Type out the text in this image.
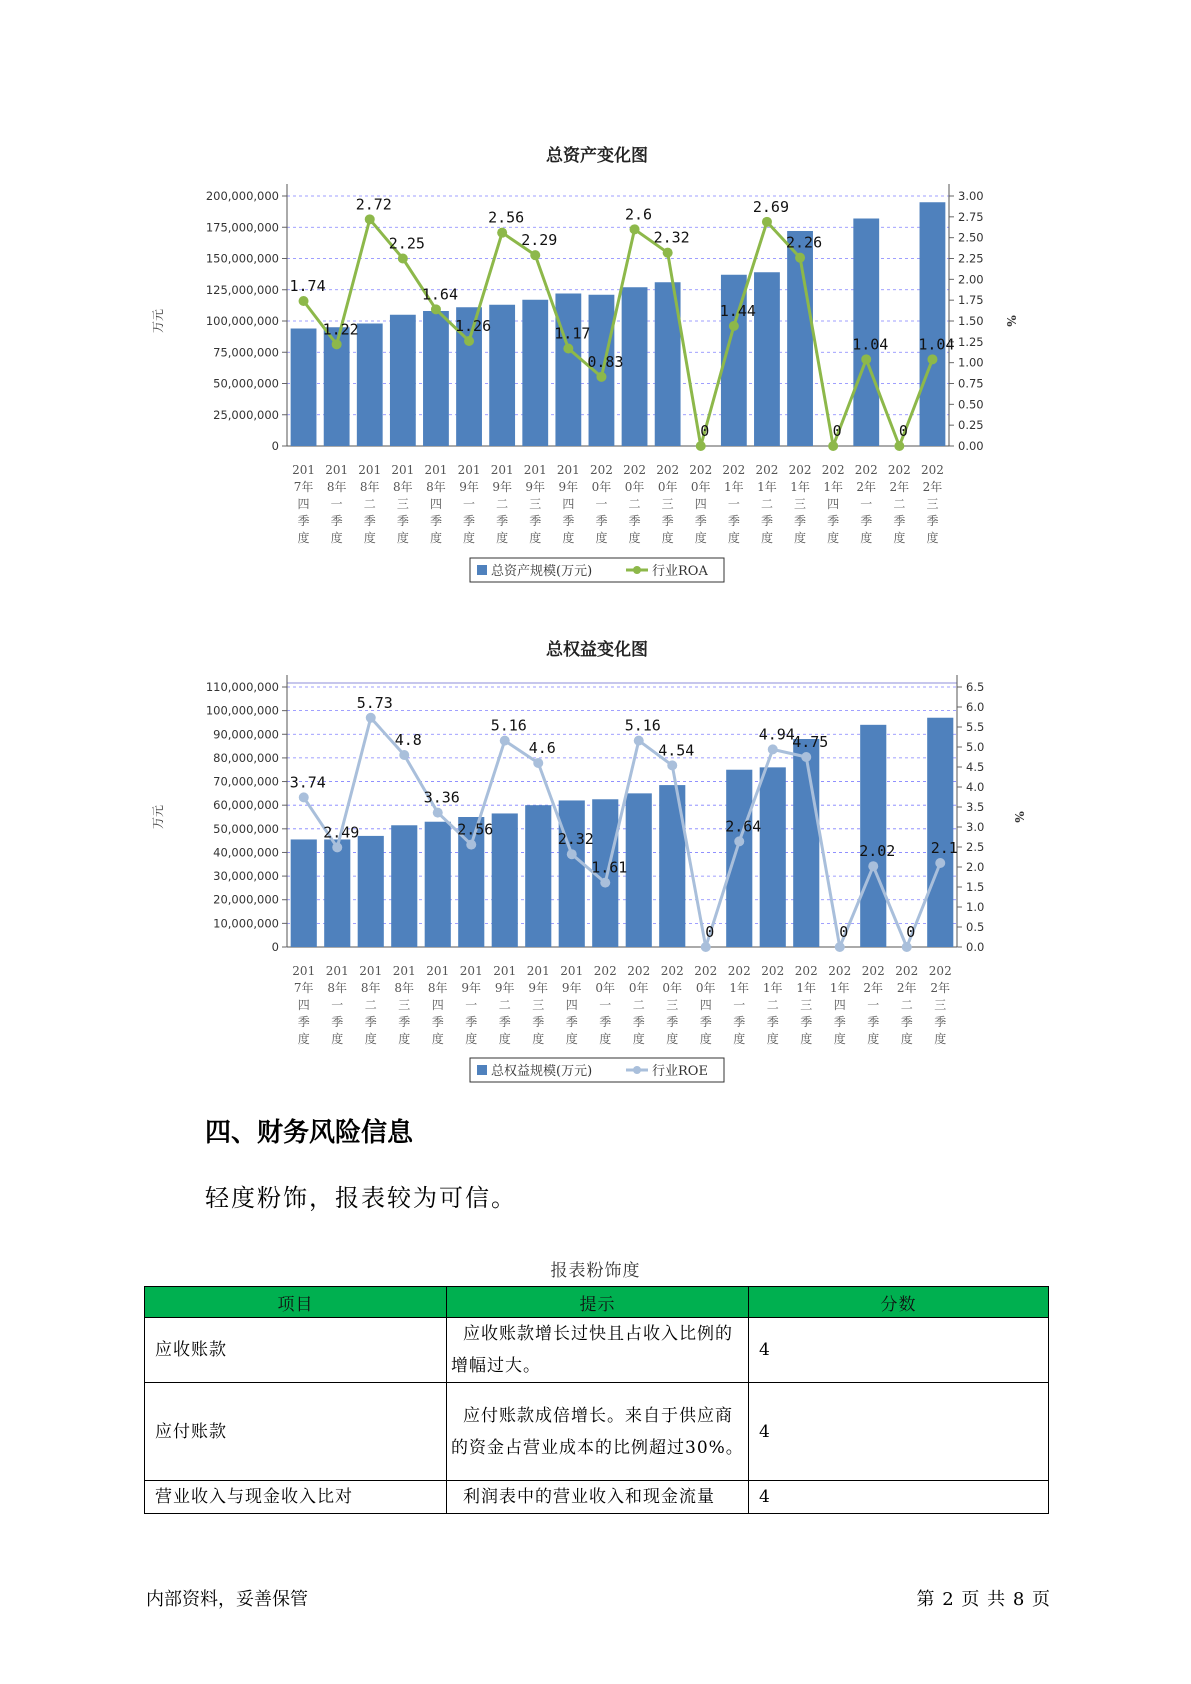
总资产变化图
0
25,000,000
50,000,000
75,000,000
100,000,000
125,000,000
150,000,000
175,000,000
200,000,000
0.00
0.25
0.50
0.75
1.00
1.25
1.50
1.75
2.00
2.25
2.50
2.75
3.00
万元	%
201
7年
四
季
度
201
8年
一
季
度
201
8年
二
季
度
201
8年
三
季
度
201
8年
四
季
度
201
9年
一
季
度
201
9年
二
季
度
201
9年
三
季
度
201
9年
四
季
度
202
0年
一
季
度
202
0年
二
季
度
202
0年
三
季
度
202
0年
四
季
度
202
1年
一
季
度
202
1年
二
季
度
202
1年
三
季
度
202
1年
四
季
度
202
2年
一
季
度
202
2年
二
季
度
202
2年
三
季
度
1.74
1.22
2.72
2.25
1.64
1.26
2.56
2.29
1.17
0.83
2.6
2.32
0
1.44
2.69
2.26
0
1.04
0
1.04
总资产规模(万元)	行业ROA
总权益变化图
0
10,000,000
20,000,000
30,000,000
40,000,000
50,000,000
60,000,000
70,000,000
80,000,000
90,000,000
100,000,000
110,000,000
0.0
0.5
1.0
1.5
2.0
2.5
3.0
3.5
4.0
4.5
5.0
5.5
6.0
6.5
万元	%
201
7年
四
季
度
201
8年
一
季
度
201
8年
二
季
度
201
8年
三
季
度
201
8年
四
季
度
201
9年
一
季
度
201
9年
二
季
度
201
9年
三
季
度
201
9年
四
季
度
202
0年
一
季
度
202
0年
二
季
度
202
0年
三
季
度
202
0年
四
季
度
202
1年
一
季
度
202
1年
二
季
度
202
1年
三
季
度
202
1年
四
季
度
202
2年
一
季
度
202
2年
二
季
度
202
2年
三
季
度
3.74
2.49
5.73
4.8
3.36
2.56
5.16
4.6
2.32
1.61
5.16
4.54
0
2.64
4.94
4.75
0
2.02
0
2.1
总权益规模(万元)	行业ROE
四、财务风险信息

轻度粉饰，报表较为可信。

报表粉饰度
项目	提示	分数
应收账款	应收账款增长过快且占收入比例的增幅过大。	4
应付账款	应付账款成倍增长。来自于供应商的资金占营业成本的比例超过30%。	4
营业收入与现金收入比对	利润表中的营业收入和现金流量	4
内部资料，妥善保管	第 2 页 共 8 页
